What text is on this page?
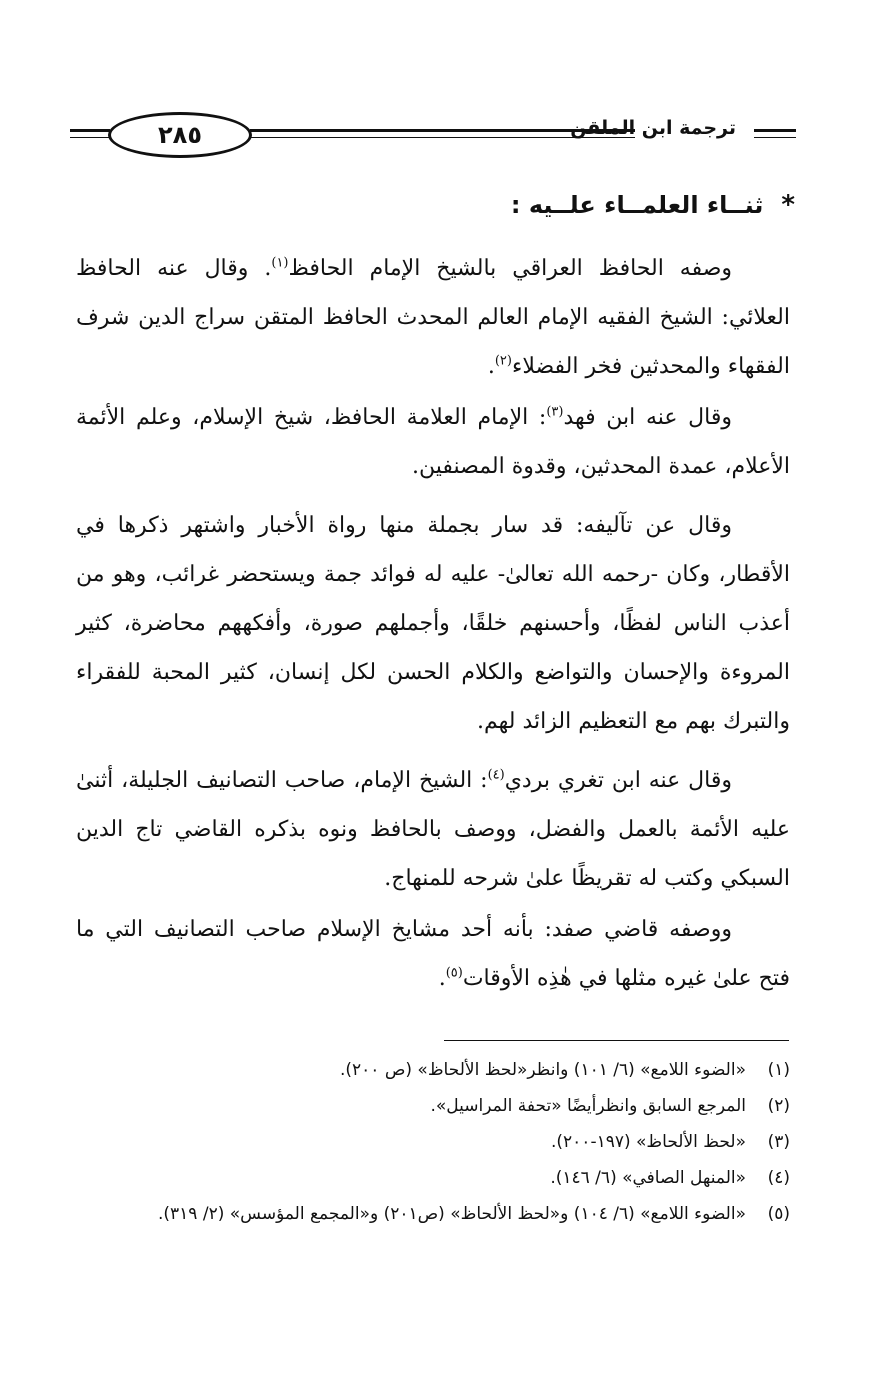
٢٨٥	ترجمة ابن الملقن
*ثنــاء العلمــاء علــيه :

وصفه الحافظ العراقي بالشيخ الإمام الحافظ$^{(١)}$. وقال عنه الحافظ العلائي: الشيخ الفقيه الإمام العالم المحدث الحافظ المتقن سراج الدين شرف الفقهاء والمحدثين فخر الفضلاء$^{(٢)}$.

وقال عنه ابن فهد$^{(٣)}$: الإمام العلامة الحافظ، شيخ الإسلام، وعلم الأئمة الأعلام، عمدة المحدثين، وقدوة المصنفين.

وقال عن تآليفه: قد سار بجملة منها رواة الأخبار واشتهر ذكرها في الأقطار، وكان -رحمه الله تعالىٰ- عليه له فوائد جمة ويستحضر غرائب، وهو من أعذب الناس لفظًا، وأحسنهم خلقًا، وأجملهم صورة، وأفكههم محاضرة، كثير المروءة والإحسان والتواضع والكلام الحسن لكل إنسان، كثير المحبة للفقراء والتبرك بهم مع التعظيم الزائد لهم.

وقال عنه ابن تغري بردي$^{(٤)}$: الشيخ الإمام، صاحب التصانيف الجليلة، أثنىٰ عليه الأئمة بالعمل والفضل، ووصف بالحافظ ونوه بذكره القاضي تاج الدين السبكي وكتب له تقريظًا علىٰ شرحه للمنهاج.

ووصفه قاضي صفد: بأنه أحد مشايخ الإسلام صاحب التصانيف التي ما فتح علىٰ غيره مثلها في هٰذِه الأوقات$^{(٥)}$.

(١)
«الضوء اللامع» (٦/ ١٠١) وانظر«لحظ الألحاظ» (ص ٢٠٠).
(٢)
المرجع السابق وانظرأيضًا «تحفة المراسيل».
(٣)
«لحظ الألحاظ» (١٩٧-٢٠٠).
(٤)
«المنهل الصافي» (٦/ ١٤٦).
(٥)
«الضوء اللامع» (٦/ ١٠٤) و«لحظ الألحاظ» (ص٢٠١) و«المجمع المؤسس» (٢/ ٣١٩).
